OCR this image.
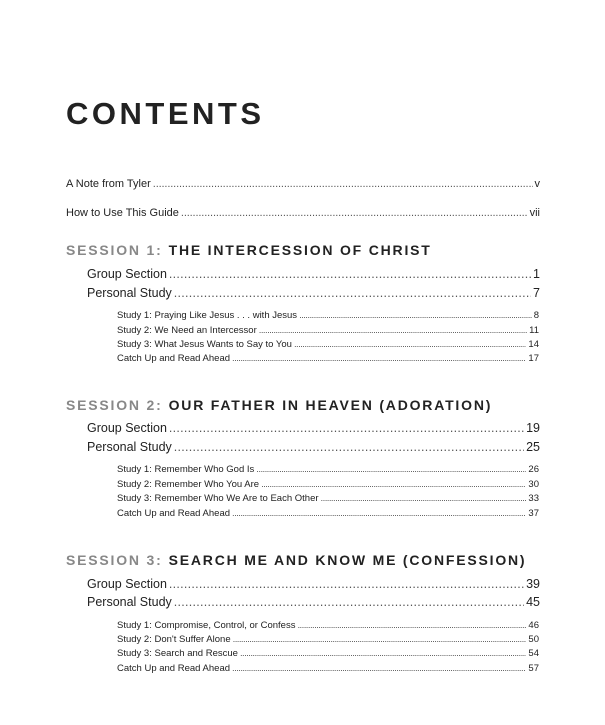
CONTENTS
A Note from Tyler . . .	v
How to Use This Guide . . .	vii
SESSION 1: THE INTERCESSION OF CHRIST
Group Section . . .	1
Personal Study . . .	7
Study 1: Praying Like Jesus . . . with Jesus . . .	8
Study 2: We Need an Intercessor . . .	11
Study 3: What Jesus Wants to Say to You . . .	14
Catch Up and Read Ahead . . .	17
SESSION 2: OUR FATHER IN HEAVEN (ADORATION)
Group Section . . .	19
Personal Study . . .	25
Study 1: Remember Who God Is . . .	26
Study 2: Remember Who You Are . . .	30
Study 3: Remember Who We Are to Each Other . . .	33
Catch Up and Read Ahead . . .	37
SESSION 3: SEARCH ME AND KNOW ME (CONFESSION)
Group Section . . .	39
Personal Study . . .	45
Study 1: Compromise, Control, or Confess . . .	46
Study 2: Don't Suffer Alone . . .	50
Study 3: Search and Rescue . . .	54
Catch Up and Read Ahead . . .	57
